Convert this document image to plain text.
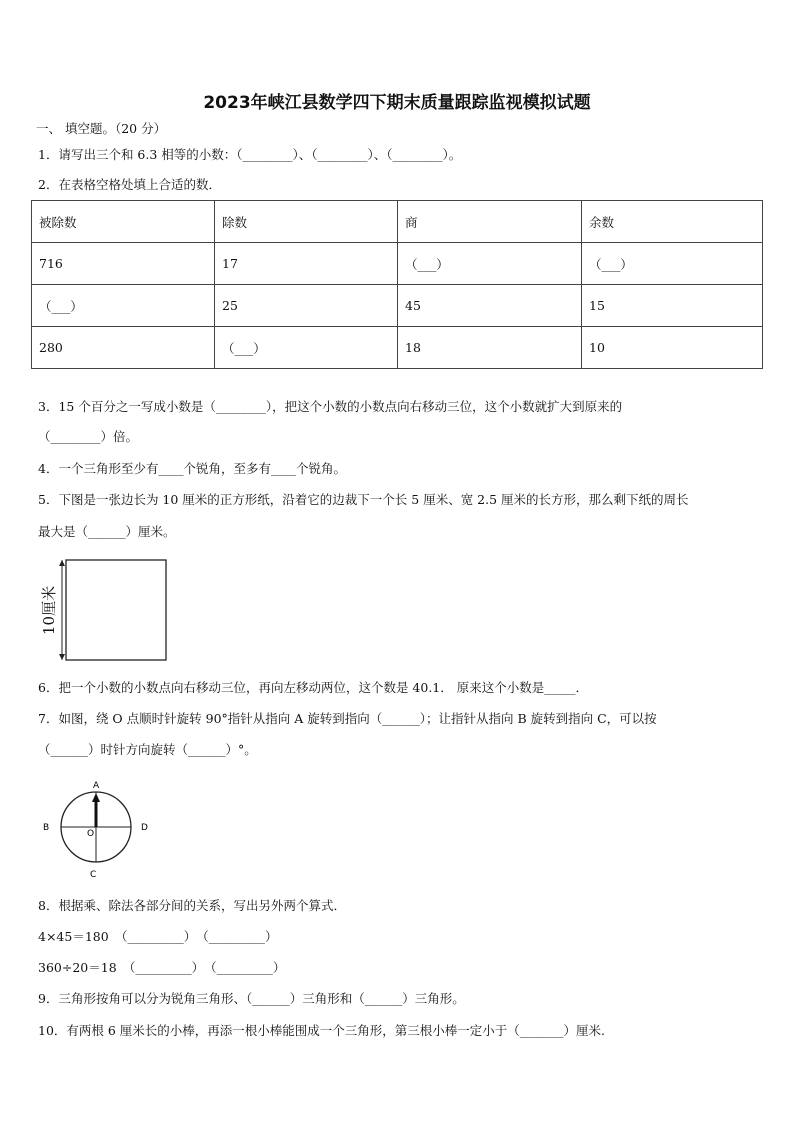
2023年峡江县数学四下期末质量跟踪监视模拟试题
一、 填空题。（20 分）
1．请写出三个和 6.3 相等的小数：（________）、（________）、（________）。
2．在表格空格处填上合适的数．
被除数	除数	商	余数
716	17	（___）	（___）
（___）	25	45	15
280	（___）	18	10
3．15 个百分之一写成小数是（________），把这个小数的小数点向右移动三位，这个小数就扩大到原来的
（________）倍。
4．一个三角形至少有____个锐角，至多有____个锐角。
5．下图是一张边长为 10 厘米的正方形纸，沿着它的边裁下一个长 5 厘米、宽 2.5 厘米的长方形，那么剩下纸的周长
最大是（______）厘米。
10厘米
6．把一个小数的小数点向右移动三位，再向左移动两位，这个数是 40.1． 原来这个小数是_____．
7．如图，绕 O 点顺时针旋转 90°指针从指向 A 旋转到指向（______）；让指针从指向 B 旋转到指向 C，可以按
（______）时针方向旋转（______）°。
A
B
C
D
O
8．根据乘、除法各部分间的关系，写出另外两个算式．
4×45＝180　（_________）　（_________）
360÷20＝18　（_________）　（_________）
9．三角形按角可以分为锐角三角形、（______）三角形和（______）三角形。
10．有两根 6 厘米长的小棒，再添一根小棒能围成一个三角形，第三根小棒一定小于（_______）厘米.
